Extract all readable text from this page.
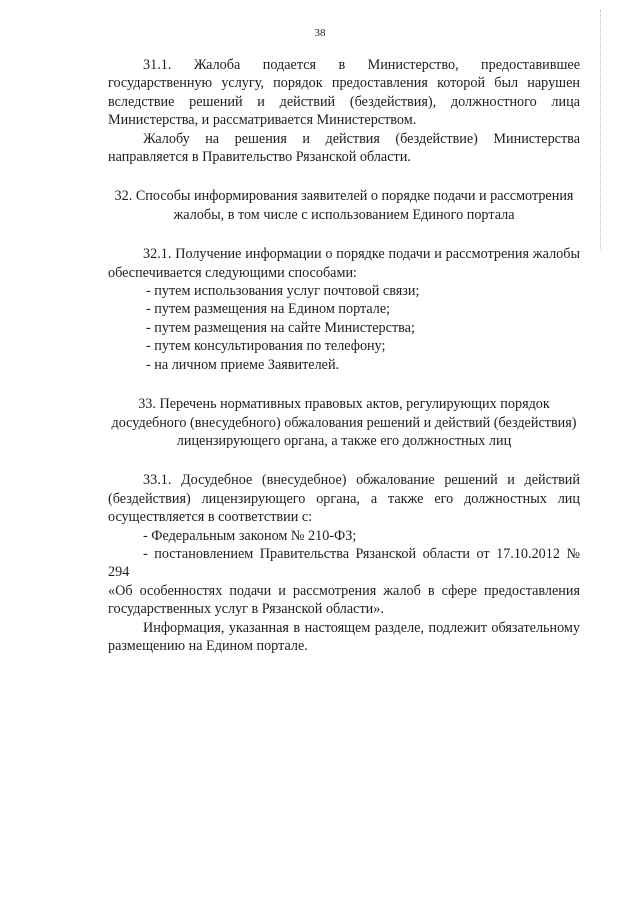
38

31.1. Жалоба подается в Министерство, предоставившее

государственную услугу, порядок предоставления которой был нарушен

вследствие решений и действий (бездействия), должностного лица

Министерства, и рассматривается Министерством.

Жалобу на решения и действия (бездействие) Министерства

направляется в Правительство Рязанской области.

32. Способы информирования заявителей о порядке подачи и рассмотрения

жалобы, в том числе с использованием Единого портала

32.1. Получение информации о порядке подачи и рассмотрения жалобы

обеспечивается следующими способами:

- путем использования услуг почтовой связи;

- путем размещения на Едином портале;

- путем размещения на сайте Министерства;

- путем консультирования по телефону;

- на личном приеме Заявителей.

33. Перечень нормативных правовых актов, регулирующих порядок

досудебного (внесудебного) обжалования решений и действий (бездействия)

лицензирующего органа, а также его должностных лиц

33.1. Досудебное (внесудебное) обжалование решений и действий

(бездействия) лицензирующего органа, а также его должностных лиц

осуществляется в соответствии с:

- Федеральным законом № 210-ФЗ;

- постановлением Правительства Рязанской области от 17.10.2012 № 294

«Об особенностях подачи и рассмотрения жалоб в сфере предоставления

государственных услуг в Рязанской области».

Информация, указанная в настоящем разделе, подлежит обязательному

размещению на Едином портале.
